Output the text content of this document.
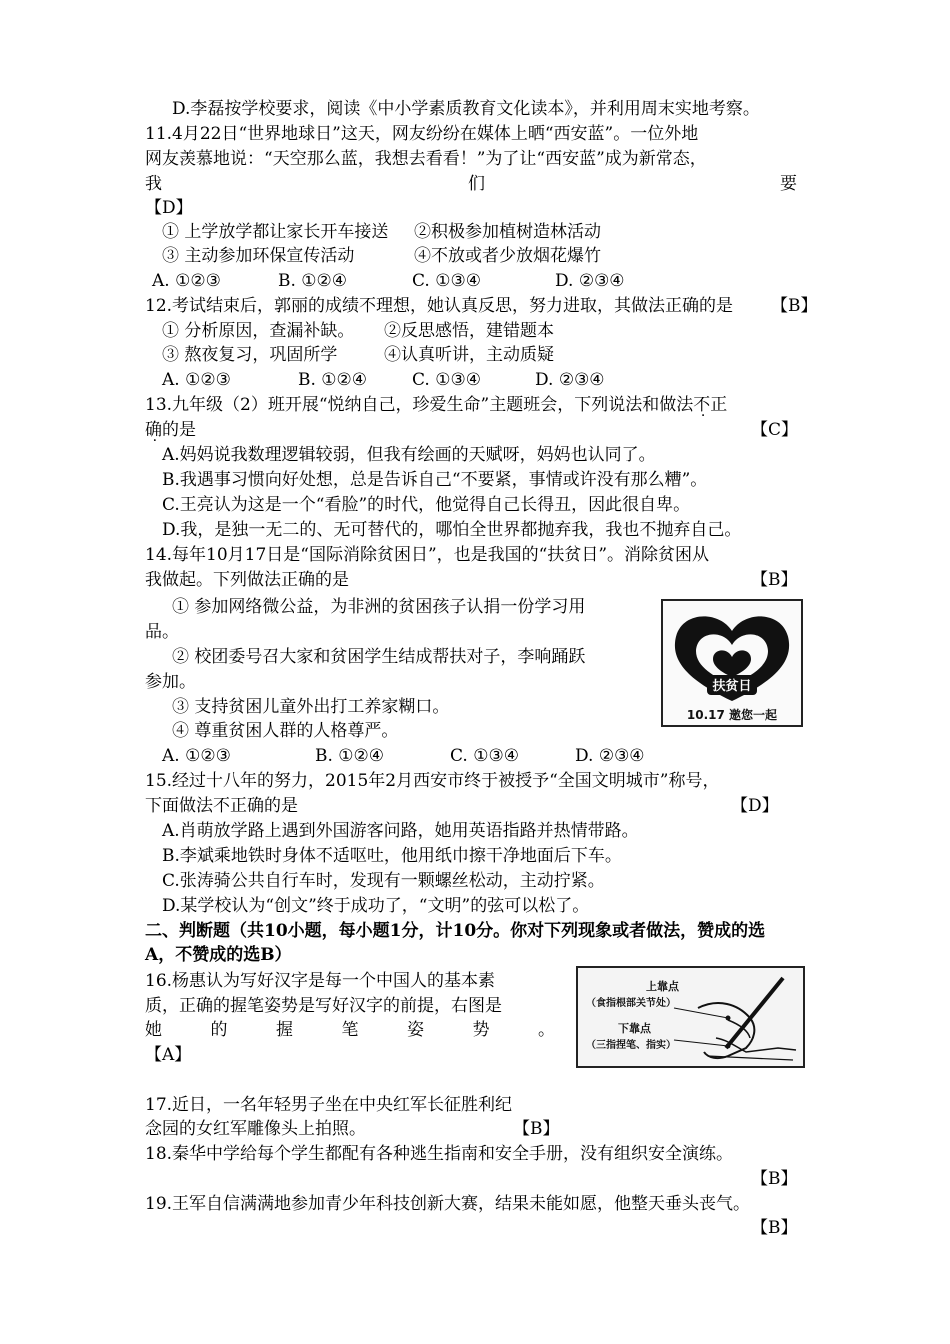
D.李磊按学校要求，阅读《中小学素质教育文化读本》，并利用周末实地考察。
11.4月22日“世界地球日”这天，网友纷纷在媒体上晒“西安蓝”。一位外地
网友羡慕地说：“天空那么蓝，我想去看看！”为了让“西安蓝”成为新常态，
我	们	要
【D】
① 上学放学都让家长开车接送 ②积极参加植树造林活动
③ 主动参加环保宣传活动	④不放或者少放烟花爆竹
A. ①②③	B. ①②④	C. ①③④	D. ②③④
12.考试结束后，郭丽的成绩不理想，她认真反思，努力进取，其做法正确的是 【B】
① 分析原因，查漏补缺。 ②反思感悟，建错题本
③ 熬夜复习，巩固所学	④认真听讲，主动质疑
A. ①②③	B. ①②④	C. ①③④	D. ②③④
13.九年级（2）班开展“悦纳自己，珍爱生命”主题班会，下列说法和做法不正
确的是	【C】
A.妈妈说我数理逻辑较弱，但我有绘画的天赋呀，妈妈也认同了。
B.我遇事习惯向好处想，总是告诉自己“不要紧，事情或许没有那么糟”。
C.王亮认为这是一个“看脸”的时代，他觉得自己长得丑，因此很自卑。
D.我，是独一无二的、无可替代的，哪怕全世界都抛弃我，我也不抛弃自己。
14.每年10月17日是“国际消除贫困日”，也是我国的“扶贫日”。消除贫困从
我做起。下列做法正确的是	【B】
① 参加网络微公益，为非洲的贫困孩子认捐一份学习用
品。
② 校团委号召大家和贫困学生结成帮扶对子，李响踊跃
参加。
③ 支持贫困儿童外出打工养家糊口。
④ 尊重贫困人群的人格尊严。
A. ①②③	B. ①②④	C. ①③④	D. ②③④
扶贫日
10.17 邀您一起
15.经过十八年的努力，2015年2月西安市终于被授予“全国文明城市”称号，
下面做法不正确的是	【D】
A.肖萌放学路上遇到外国游客问路，她用英语指路并热情带路。
B.李斌乘地铁时身体不适呕吐，他用纸巾擦干净地面后下车。
C.张涛骑公共自行车时，发现有一颗螺丝松动，主动拧紧。
D.某学校认为“创文”终于成功了，“文明”的弦可以松了。
二、判断题（共10小题，每小题1分，计10分。你对下列现象或者做法，赞成的选
A，不赞成的选B）
16.杨惠认为写好汉字是每一个中国人的基本素
质，正确的握笔姿势是写好汉字的前提，右图是
她	的	握	笔	姿	势	。
【A】
上靠点
（食指根部关节处）
下靠点
（三指捏笔、指实）
17.近日，一名年轻男子坐在中央红军长征胜利纪
念园的女红军雕像头上拍照。	【B】
18.秦华中学给每个学生都配有各种逃生指南和安全手册，没有组织安全演练。
【B】
19.王军自信满满地参加青少年科技创新大赛，结果未能如愿，他整天垂头丧气。
【B】
